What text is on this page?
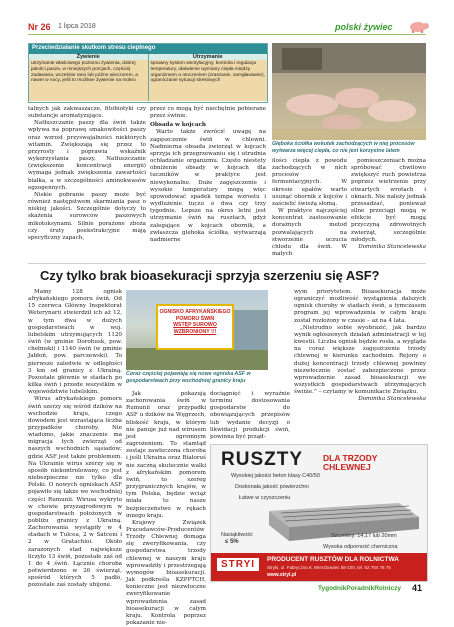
Nr 26 1 lipca 2018	polski żywiec
Przeciwdziałanie skutkom stresu cieplnego
Żywienie	Utrzymanie
utrzymanie właściwego poziomu żywienia, dobrej jakości pasza, w mniejszych porcjach, częściej zadawana, wcześnie rano lub późno wieczorem, a nawet w nocy, jeśli to możliwe żywienie na mokro
sprawny system wentylacyjny, kontrola i regulacja temperatury, ułatwienie wymiany ciepła między organizmem a otoczeniem (zraszanie, zamgławianie), ograniczanie sytuacji stresowych

talnych jak zakwaszacze, fitobiotyki czy substancje aromatyzujące.

Natłuszczanie paszy dla świń także wpływa na poprawę smakowitości paszy oraz wzrost przyswajalności niektórych witamin. Zwiększają się przez to przyrosty i poprawia wskaźnik wykorzystania paszy. Natłuszczanie (zwiększenie koncentracji energii) wymaga jednak zwiększenia zawartości białka, a w szczególności aminokwasów egzogennych.

Niskie pobranie paszy może być również następstwem skarmiania pasz o niskiej jakości. Szczególnie dotyczy to skażenia surowców paszowych mikotoksynami. Silnie porażone zboża czy śruty poekstrakcyjne mają specyficzny zapach,

przez co mogą być niechętnie pobierane przez świnie.

Obsada w kojcach

Warto także zwrócić uwagę na zagęszczenie świń w chlewni. Nadmierna obsada zwierząt w kojcach sprzyja ich przegrzewaniu się i utrudnia ochładzanie organizmu. Często niestety obniżenie obsady w kojcach dla tuczników w praktyce jest niewykonalne. Duże zagęszczenie i wysokie temperatury mogą więc spowodować spadek tempa wzrostu i wydłużenie tuczu o dwa czy trzy tygodnie. Lepsze na okres letni jest utrzymanie świń na rusztach, gdyż zalegające w kojcach obornik, a zwłaszcza gleboka ściółka, wytwarzają nadmierne

Głęboka ściółka wskutek zachodzących w niej procesów wytwarza więcej ciepła, co nie jest korzystne latem

ilości ciepła z powodu zachodzących w nich procesów fermentacyjnych. W okresie upałów warto usunąć obornik z kojców i zaścielić świeżą słomą.

W praktyce najczęściej koncentrat zastosowanie dorażnych metod pozwalających na stworzenie uczucia chłodu dla świń. W małych

pomieszczeniach można spróbować chwilowo zwiększyć ruch powietrza poprzez wietrzenie przy otwartych wrotach i oknach. Nie należy jednak przesadzać, ponieważ silne przeciągi mogą w efekcie być mogą przyczyną zdrowotnych zwierząt, szczególnie młodych.

Dominika Stancelewska

Czy tylko brak bioasekuracji sprzyja szerzeniu się ASF?

Mamy 128 ognisk afrykańskiego pomoru świń. Od 15 czerwca Główny Inspektorat Weterynarii stwierdził ich aż 12, w tym dwa w dużych gospodarstwach w woj. lubelskim utrzymujących 1120 świń (w gminie Dorohusk, pow. chełmski) i 1140 świń (w gminie Jabłoń, pow. parczewski). To pierwsze zaledwie w odległości 3 km od granicy z Ukrainą. Pozostałe głównie w stadach po kilka świń i przede wszystkim w województwie lubelskim.

Wirus afrykańskiego pomoru świń szerzy się wśród dzików na wschodzie kraju, czego dowodem jest wzrastająca liczba przypadków choroby. Nie wiadomo, jakie znaczenie ma migracja tych zwierząt od naszych wschodnich sąsiadów; gdzie ASF jest także problemem. Na Ukrainie wirus szerzy się w sposób niekontrolowany, co jest niebezpieczne nie tylko dla Polski. O nowych ogniskach ASF pojawiło się także we wschodniej części Rumunii. Wirusa wykryto w chowie przyzagrodowym w gospodarstwach położonych w pobliżu granicy z Ukrainą. Zachorowania wystąpiły w 4 stadach w Tulcea, 2 w Satcení i 2 w Gratachioi. Około zarażonych stad największe liczyło 13 świń, pozostałe zaś od 1 do 4 świń. Łącznie choroba potwierdzono w 26 świerząt, spośród których 5 padło, pozostałe zaś zostały ubijone.

OGNISKO AFRYKAŃSKIEGO
POMORU ŚWIŃ
WSTĘP SUROWO
WZBRONIONY !!!
Coraz częściej pojawiają się nowe ogniska ASF w gospodarstwach przy wschodniej granicy kraju

Jak pokazują zachorowania świń w Rumunii oraz przypadki ASF u dzików na Węgrzech, bliskość kraju, w którym nie panuje już nad wirusem jest ogromnym zagrożeniem. To stamtąd zostaje zawleczona choroba i jeśli Ukraina oraz Białoruś nie zaczną skutecznie walki z afrykańskim pomorem świń, to szereg przygranicznych krajów, w tym Polska, będzie wciąż miała to nasze bezpieczeństwo w rękach innego kraju.

Krajowy Związek Pracodawców-Producentów Trzody Chlewnej domaga się zweryfikowania, czy gospodarstwa trzody chlewnej w naszym kraju wprowadziły i przestrzegają wymogów bioasekuracji. Jak podkreśla KZPPTCH, konieczne jest niezwłoczne zweryfikowanie wprowadzenia zasad bioasekuracji w całym kraju. Kontrola poprzez pokazanie nie-

dociągnięć i wyraźnie terminu dostosowania gospodarstw do obowiązujących przepisów lub wydanie decyzji o likwidacji produkcji świń, powinna być prząd-

wym priorytetem. Bioasekuracja może ograniczyć możliwość wystąpienia dalszych ognisk choroby w stadach świń, a tymczasem program jej wprowadzenia w całym kraju został rozłożony w czasie – aż na 4 lata.

„Nietrudno sobie wyobrazić, jak bardzo wynik ogłoszenych działań administracji w tej kwestii. Liczba ognisk będzie rosła, a wygląda na coraz większe zagęszczenie trzody chlewnej w kierunku zachodnim. Rejony o dużej koncentracji trzody chlewnej powinny niezwłocznie zostać zabezpieczone przez wprowadzenie zasad bioasekuracji we wszystkich gospodarstwach utrzymujących świnie.” – czytamy w komunikacie Związku.

Dominika Stancelewska

RUSZTY DLA TRZODY CHLEWNEJ
Wysokiej jakości beton klasy C40/50
Doskonała jakość powierzchni
Łatwe w czyszczeniu
Szczeliny: 14,17 lub 20mm
Nasiąkliwość
≤ 5%
Wysoka odporność chemiczna
STRYI	PRODUCENT RUSZTÓW DLA ROLNICTWA
Stryki, ul. Fabryczna 8, Wierzbowiec 58-100, tel. 62 784 76 75
www.stryi.pl
TygodnikPoradnikRolniczy 41
